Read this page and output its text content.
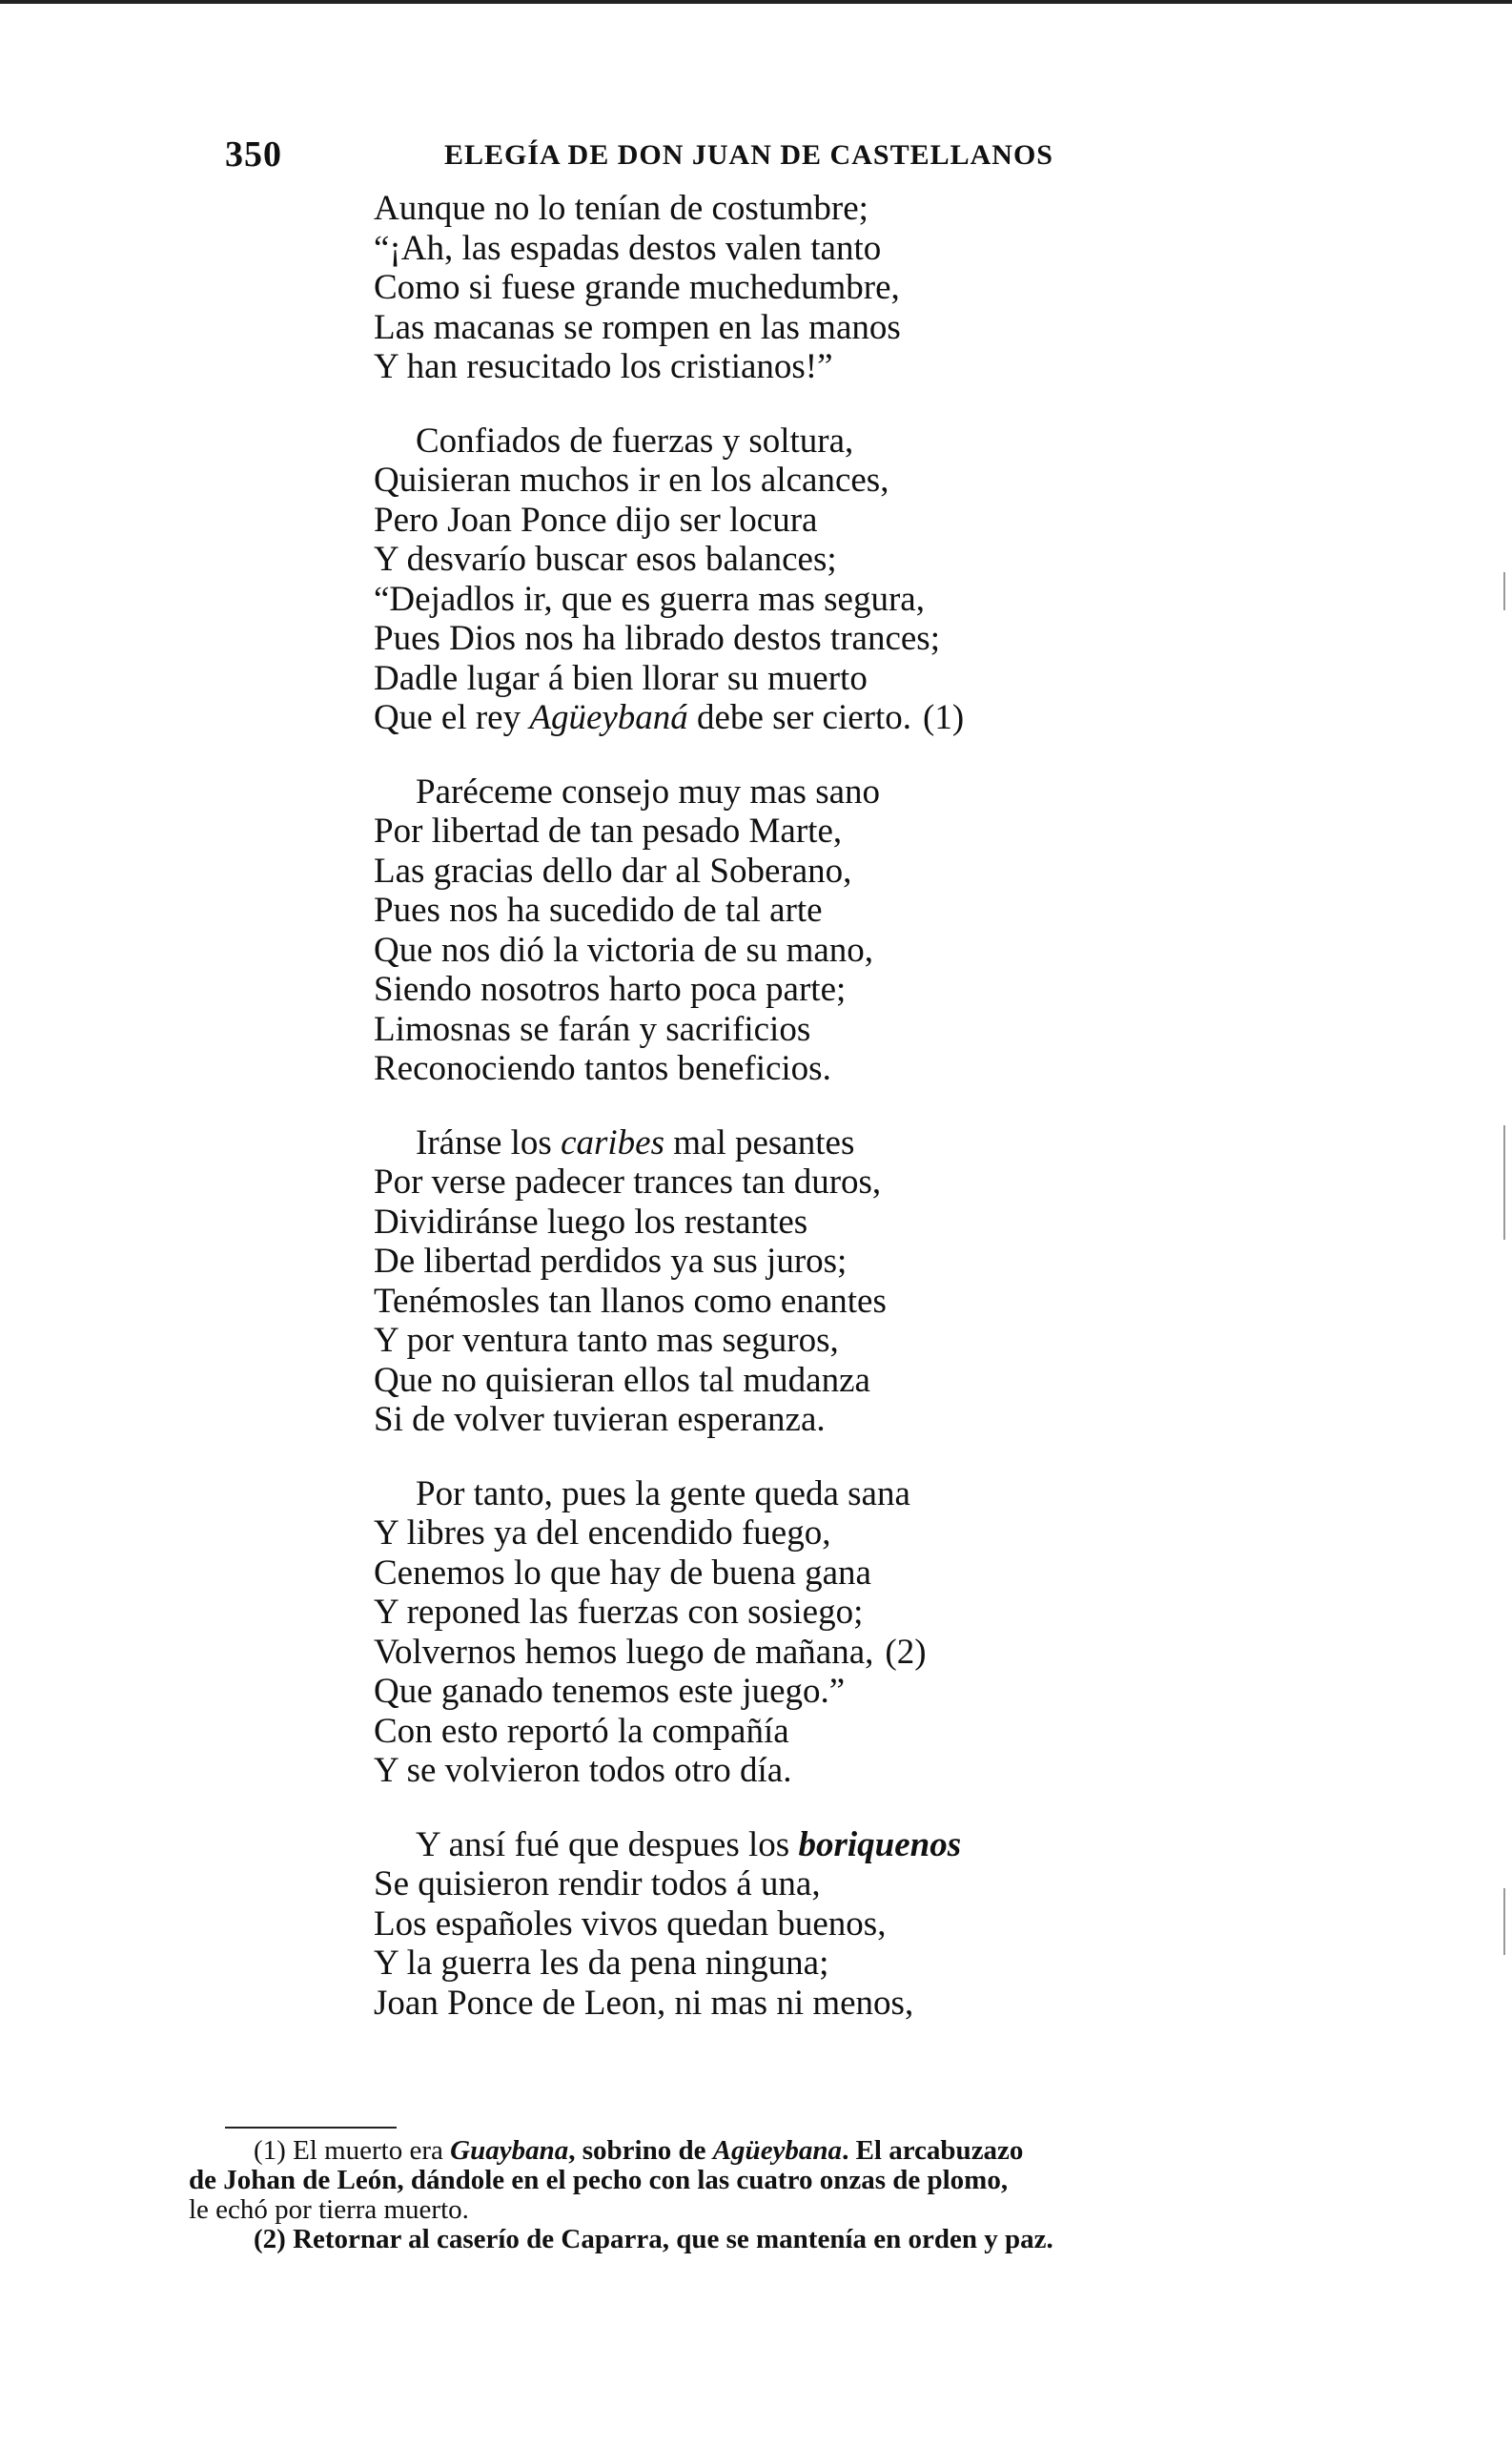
350	ELEGÍA DE DON JUAN DE CASTELLANOS
Aunque no lo tenían de costumbre;
“¡Ah, las espadas destos valen tanto
Como si fuese grande muchedumbre,
Las macanas se rompen en las manos
Y han resucitado los cristianos!”
Confiados de fuerzas y soltura,
Quisieran muchos ir en los alcances,
Pero Joan Ponce dijo ser locura
Y desvarío buscar esos balances;
“Dejadlos ir, que es guerra mas segura,
Pues Dios nos ha librado destos trances;
Dadle lugar á bien llorar su muerto
Que el rey Agüeybaná debe ser cierto. (1)
Paréceme consejo muy mas sano
Por libertad de tan pesado Marte,
Las gracias dello dar al Soberano,
Pues nos ha sucedido de tal arte
Que nos dió la victoria de su mano,
Siendo nosotros harto poca parte;
Limosnas se farán y sacrificios
Reconociendo tantos beneficios.
Iránse los caribes mal pesantes
Por verse padecer trances tan duros,
Dividiránse luego los restantes
De libertad perdidos ya sus juros;
Tenémosles tan llanos como enantes
Y por ventura tanto mas seguros,
Que no quisieran ellos tal mudanza
Si de volver tuvieran esperanza.
Por tanto, pues la gente queda sana
Y libres ya del encendido fuego,
Cenemos lo que hay de buena gana
Y reponed las fuerzas con sosiego;
Volvernos hemos luego de mañana, (2)
Que ganado tenemos este juego.”
Con esto reportó la compañía
Y se volvieron todos otro día.
Y ansí fué que despues los boriquenos
Se quisieron rendir todos á una,
Los españoles vivos quedan buenos,
Y la guerra les da pena ninguna;
Joan Ponce de Leon, ni mas ni menos,
(1) El muerto era Guaybana, sobrino de Agüeybana. El arcabuzazo
de Johan de León, dándole en el pecho con las cuatro onzas de plomo,
le echó por tierra muerto.
(2) Retornar al caserío de Caparra, que se mantenía en orden y paz.
